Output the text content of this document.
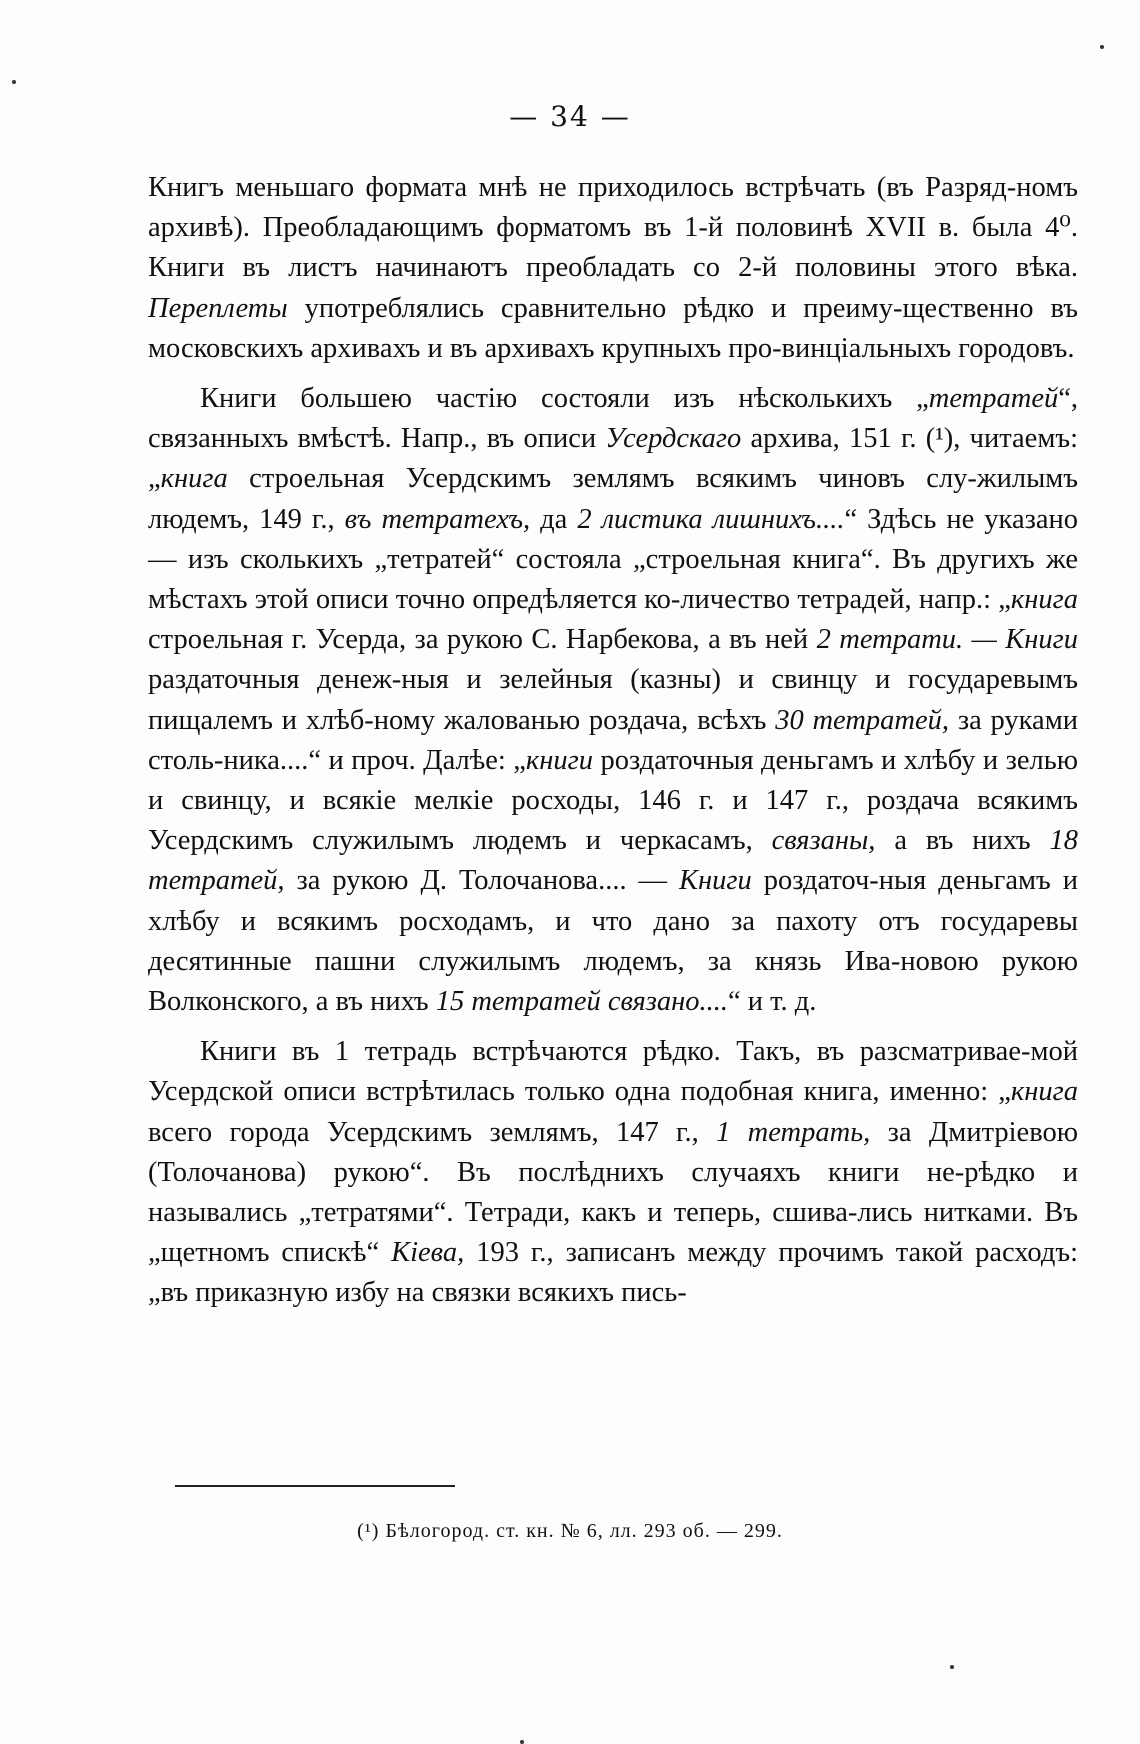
— 34 —

Книгъ меньшаго формата мнѣ не приходилось встрѣчать (въ Разряд-номъ архивѣ). Преобладающимъ форматомъ въ 1-й половинѣ XVII в. была 4⁰. Книги въ листъ начинаютъ преобладать со 2-й половины этого вѣка. Переплеты употреблялись сравнительно рѣдко и преиму-щественно въ московскихъ архивахъ и въ архивахъ крупныхъ про-винціальныхъ городовъ.

Книги большею частію состояли изъ нѣсколькихъ „тетратей“, связанныхъ вмѣстѣ. Напр., въ описи Усердскаго архива, 151 г. (¹), читаемъ: „книга строельная Усердскимъ землямъ всякимъ чиновъ слу-жилымъ людемъ, 149 г., въ тетратехъ, да 2 листика лишнихъ....“ Здѣсь не указано — изъ сколькихъ „тетратей“ состояла „строельная книга“. Въ другихъ же мѣстахъ этой описи точно опредѣляется ко-личество тетрадей, напр.: „книга строельная г. Усерда, за рукою С. Нарбекова, а въ ней 2 тетрати. — Книги раздаточныя денеж-ныя и зелейныя (казны) и свинцу и государевымъ пищалемъ и хлѣб-ному жалованью роздача, всѣхъ 30 тетратей, за руками столь-ника....“ и проч. Далѣе: „книги роздаточныя деньгамъ и хлѣбу и зелью и свинцу, и всякіе мелкіе росходы, 146 г. и 147 г., роздача всякимъ Усердскимъ служилымъ людемъ и черкасамъ, связаны, а въ нихъ 18 тетратей, за рукою Д. Толочанова.... — Книги роздаточ-ныя деньгамъ и хлѣбу и всякимъ росходамъ, и что дано за пахоту отъ государевы десятинные пашни служилымъ людемъ, за князь Ива-новою рукою Волконского, а въ нихъ 15 тетратей связано....“ и т. д.

Книги въ 1 тетрадь встрѣчаются рѣдко. Такъ, въ разсматривае-мой Усердской описи встрѣтилась только одна подобная книга, именно: „книга всего города Усердскимъ землямъ, 147 г., 1 тетрать, за Дмитріевою (Толочанова) рукою“. Въ послѣднихъ случаяхъ книги не-рѣдко и назывались „тетратями“. Тетради, какъ и теперь, сшива-лись нитками. Въ „щетномъ спискѣ“ Кіева, 193 г., записанъ между прочимъ такой расходъ: „въ приказную избу на связки всякихъ пись-

(¹) Бѣлогород. ст. кн. № 6, лл. 293 об. — 299.
